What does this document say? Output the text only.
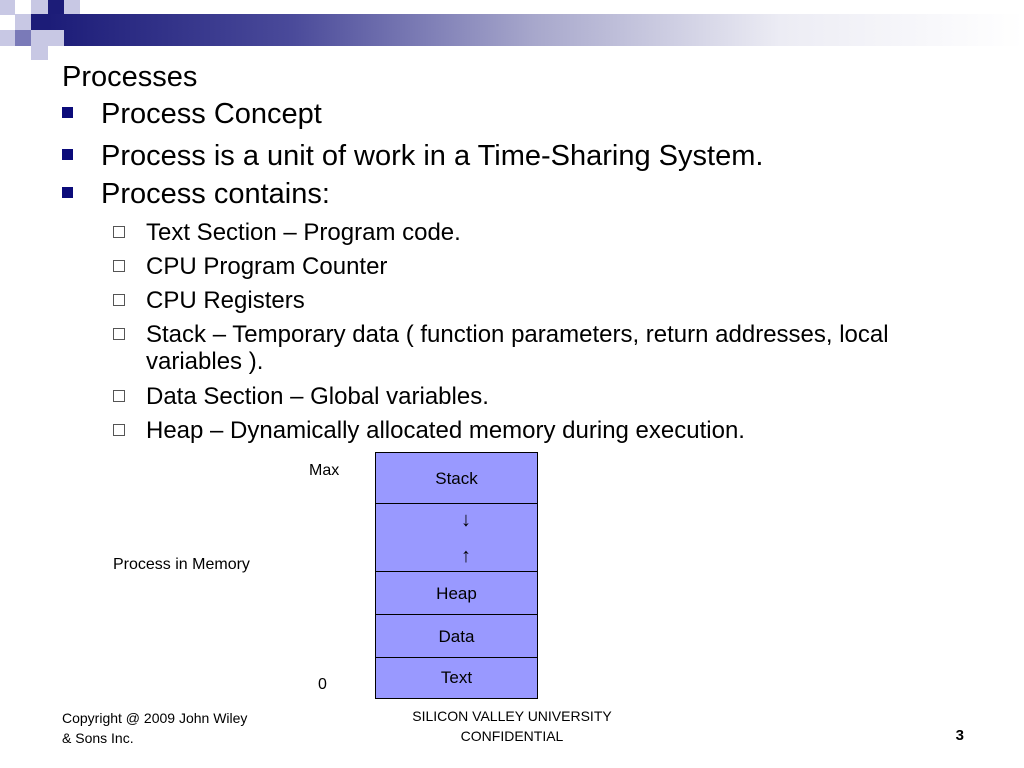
Processes
Process Concept
Process is a unit of work in a Time-Sharing System.
Process contains:
Text Section – Program code.
CPU Program Counter
CPU Registers
Stack – Temporary data ( function parameters, return addresses, local variables ).
Data Section – Global variables.
Heap – Dynamically allocated memory during execution.
Max
Process in Memory
0
Stack
↓
↑
Heap
Data
Text
Copyright @ 2009 John Wiley & Sons Inc.
SILICON VALLEY UNIVERSITY CONFIDENTIAL	3
